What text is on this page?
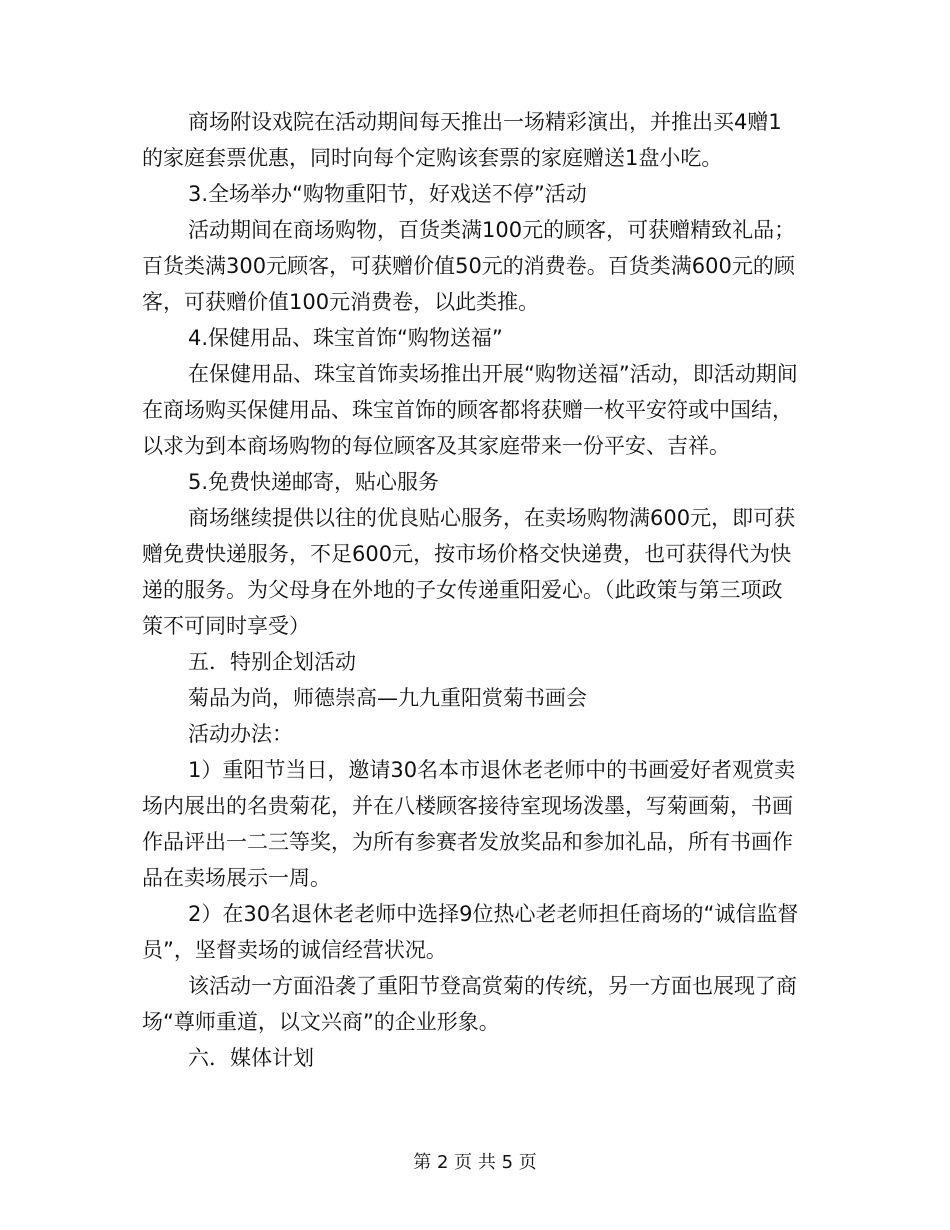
商场附设戏院在活动期间每天推出一场精彩演出，并推出买4赠1的家庭套票优惠，同时向每个定购该套票的家庭赠送1盘小吃。

3.全场举办“购物重阳节，好戏送不停”活动

活动期间在商场购物，百货类满100元的顾客，可获赠精致礼品；百货类满300元顾客，可获赠价值50元的消费卷。百货类满600元的顾客，可获赠价值100元消费卷，以此类推。

4.保健用品、珠宝首饰“购物送福”

在保健用品、珠宝首饰卖场推出开展“购物送福”活动，即活动期间在商场购买保健用品、珠宝首饰的顾客都将获赠一枚平安符或中国结，以求为到本商场购物的每位顾客及其家庭带来一份平安、吉祥。

5.免费快递邮寄，贴心服务

商场继续提供以往的优良贴心服务，在卖场购物满600元，即可获赠免费快递服务，不足600元，按市场价格交快递费，也可获得代为快递的服务。为父母身在外地的子女传递重阳爱心。（此政策与第三项政策不可同时享受）

五．特别企划活动

菊品为尚，师德崇高—九九重阳赏菊书画会

活动办法：

1）重阳节当日，邀请30名本市退休老老师中的书画爱好者观赏卖场内展出的名贵菊花，并在八楼顾客接待室现场泼墨，写菊画菊，书画作品评出一二三等奖，为所有参赛者发放奖品和参加礼品，所有书画作品在卖场展示一周。

2）在30名退休老老师中选择9位热心老老师担任商场的“诚信监督员”，坚督卖场的诚信经营状况。

该活动一方面沿袭了重阳节登高赏菊的传统，另一方面也展现了商场“尊师重道，以文兴商”的企业形象。

六．媒体计划

第 2 页 共 5 页
